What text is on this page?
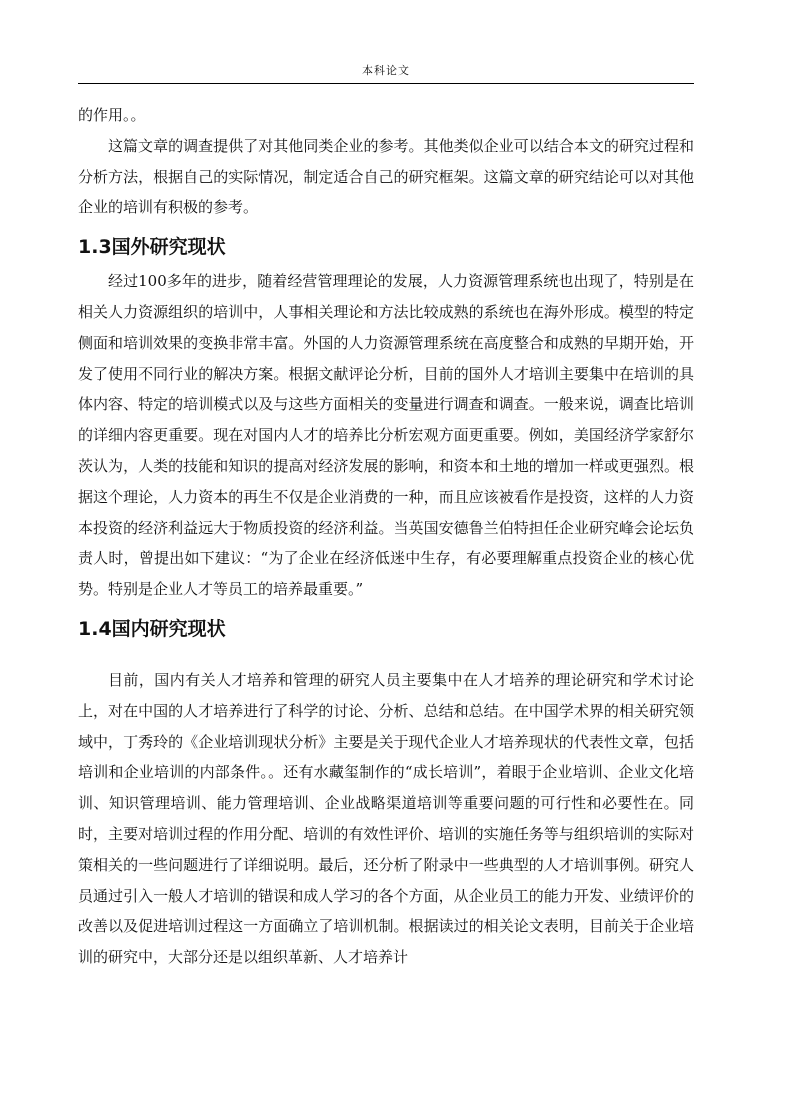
本科论文

的作用。。

这篇文章的调查提供了对其他同类企业的参考。其他类似企业可以结合本文的研究过程和分析方法，根据自己的实际情况，制定适合自己的研究框架。这篇文章的研究结论可以对其他企业的培训有积极的参考。

1.3国外研究现状

经过100多年的进步，随着经营管理理论的发展，人力资源管理系统也出现了，特别是在相关人力资源组织的培训中，人事相关理论和方法比较成熟的系统也在海外形成。模型的特定侧面和培训效果的变换非常丰富。外国的人力资源管理系统在高度整合和成熟的早期开始，开发了使用不同行业的解决方案。根据文献评论分析，目前的国外人才培训主要集中在培训的具体内容、特定的培训模式以及与这些方面相关的变量进行调查和调查。一般来说，调查比培训的详细内容更重要。现在对国内人才的培养比分析宏观方面更重要。例如，美国经济学家舒尔茨认为，人类的技能和知识的提高对经济发展的影响，和资本和土地的增加一样或更强烈。根据这个理论，人力资本的再生不仅是企业消费的一种，而且应该被看作是投资，这样的人力资本投资的经济利益远大于物质投资的经济利益。当英国安德鲁兰伯特担任企业研究峰会论坛负责人时，曾提出如下建议：“为了企业在经济低迷中生存，有必要理解重点投资企业的核心优势。特别是企业人才等员工的培养最重要。”

1.4国内研究现状

目前，国内有关人才培养和管理的研究人员主要集中在人才培养的理论研究和学术讨论上，对在中国的人才培养进行了科学的讨论、分析、总结和总结。在中国学术界的相关研究领域中，丁秀玲的《企业培训现状分析》主要是关于现代企业人才培养现状的代表性文章，包括培训和企业培训的内部条件。。还有水藏玺制作的“成长培训”，着眼于企业培训、企业文化培训、知识管理培训、能力管理培训、企业战略渠道培训等重要问题的可行性和必要性在。同时，主要对培训过程的作用分配、培训的有效性评价、培训的实施任务等与组织培训的实际对策相关的一些问题进行了详细说明。最后，还分析了附录中一些典型的人才培训事例。研究人员通过引入一般人才培训的错误和成人学习的各个方面，从企业员工的能力开发、业绩评价的改善以及促进培训过程这一方面确立了培训机制。根据读过的相关论文表明，目前关于企业培训的研究中，大部分还是以组织革新、人才培养计
